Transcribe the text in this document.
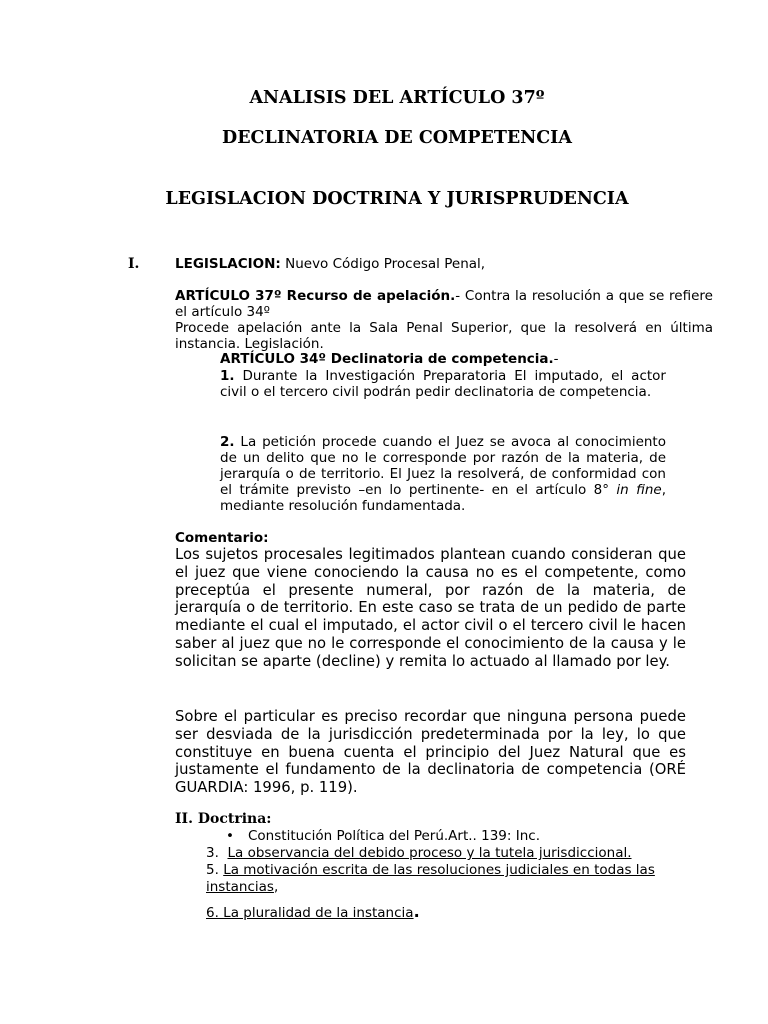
ANALISIS DEL ARTÍCULO 37º
DECLINATORIA DE COMPETENCIA
LEGISLACION DOCTRINA Y JURISPRUDENCIA
I.	LEGISLACION: Nuevo Código Procesal Penal,
ARTÍCULO 37º Recurso de apelación.- Contra la resolución a que se refiere el artículo 34º
Procede apelación ante la Sala Penal Superior, que la resolverá en última instancia. Legislación.
ARTÍCULO 34º Declinatoria de competencia.-
1. Durante la Investigación Preparatoria El imputado, el actor civil o el tercero civil podrán pedir declinatoria de competencia.
2. La petición procede cuando el Juez se avoca al conocimiento de un delito que no le corresponde por razón de la materia, de jerarquía o de territorio. El Juez la resolverá, de conformidad con el trámite previsto –en lo pertinente- en el artículo 8° in fine, mediante resolución fundamentada.
Comentario:
Los sujetos procesales legitimados plantean cuando consideran que el juez que viene conociendo la causa no es el competente, como preceptúa el presente numeral, por razón de la materia, de jerarquía o de territorio. En este caso se trata de un pedido de parte mediante el cual el imputado, el actor civil o el tercero civil le hacen saber al juez que no le corresponde el conocimiento de la causa y le solicitan se aparte (decline) y remita lo actuado al llamado por ley.
Sobre el particular es preciso recordar que ninguna persona puede ser desviada de la jurisdicción predeterminada por la ley, lo que constituye en buena cuenta el principio del Juez Natural que es justamente el fundamento de la declinatoria de competencia (ORÉ GUARDIA: 1996, p. 119).
II. Doctrina:
• Constitución Política del Perú.Art.. 139: Inc.
3. La observancia del debido proceso y la tutela jurisdiccional.
5. La motivación escrita de las resoluciones judiciales en todas las
instancias,
6. La pluralidad de la instancia.
